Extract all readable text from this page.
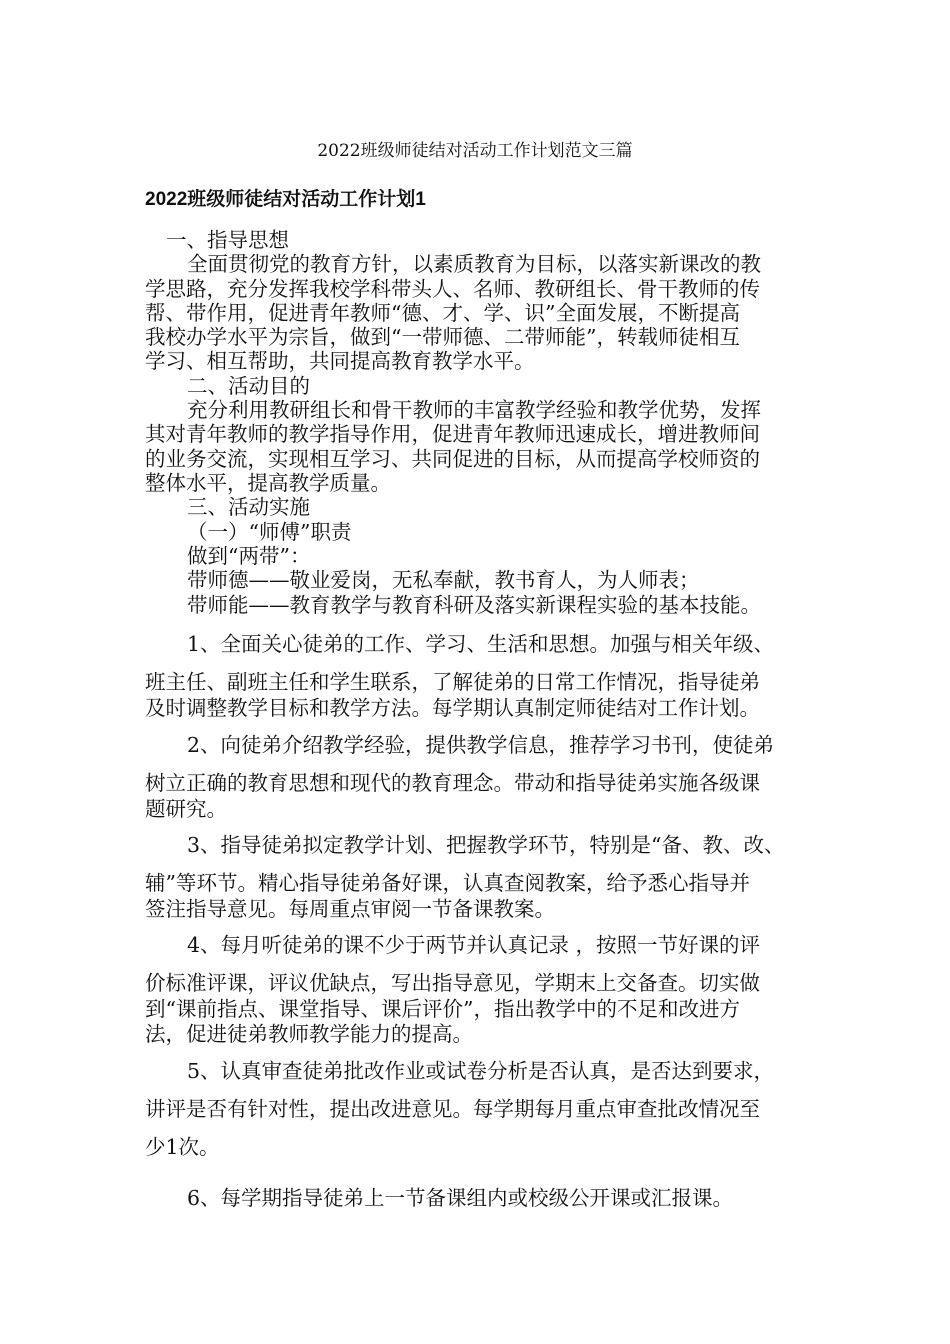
2022班级师徒结对活动工作计划范文三篇
2022班级师徒结对活动工作计划1
一、指导思想
全面贯彻党的教育方针，以素质教育为目标，以落实新课改的教
学思路，充分发挥我校学科带头人、名师、教研组长、骨干教师的传
帮、带作用，促进青年教师“德、才、学、识”全面发展，不断提高
我校办学水平为宗旨，做到“一带师德、二带师能”，转载师徒相互
学习、相互帮助，共同提高教育教学水平。
二、活动目的
充分利用教研组长和骨干教师的丰富教学经验和教学优势，发挥
其对青年教师的教学指导作用，促进青年教师迅速成长，增进教师间
的业务交流，实现相互学习、共同促进的目标，从而提高学校师资的
整体水平，提高教学质量。
三、活动实施
（一）“师傅”职责
做到“两带”：
带师德——敬业爱岗，无私奉献，教书育人，为人师表；
带师能——教育教学与教育科研及落实新课程实验的基本技能。
1、全面关心徒弟的工作、学习、生活和思想。加强与相关年级、
班主任、副班主任和学生联系，了解徒弟的日常工作情况，指导徒弟
及时调整教学目标和教学方法。每学期认真制定师徒结对工作计划。
2、向徒弟介绍教学经验，提供教学信息，推荐学习书刊，使徒弟
树立正确的教育思想和现代的教育理念。带动和指导徒弟实施各级课
题研究。
3、指导徒弟拟定教学计划、把握教学环节，特别是“备、教、改、
辅”等环节。精心指导徒弟备好课，认真查阅教案，给予悉心指导并
签注指导意见。每周重点审阅一节备课教案。
4、每月听徒弟的课不少于两节并认真记录 ，按照一节好课的评
价标准评课，评议优缺点，写出指导意见，学期末上交备查。切实做
到“课前指点、课堂指导、课后评价”，指出教学中的不足和改进方
法，促进徒弟教师教学能力的提高。
5、认真审查徒弟批改作业或试卷分析是否认真，是否达到要求，
讲评是否有针对性，提出改进意见。每学期每月重点审查批改情况至
少1次。
6、每学期指导徒弟上一节备课组内或校级公开课或汇报课。
